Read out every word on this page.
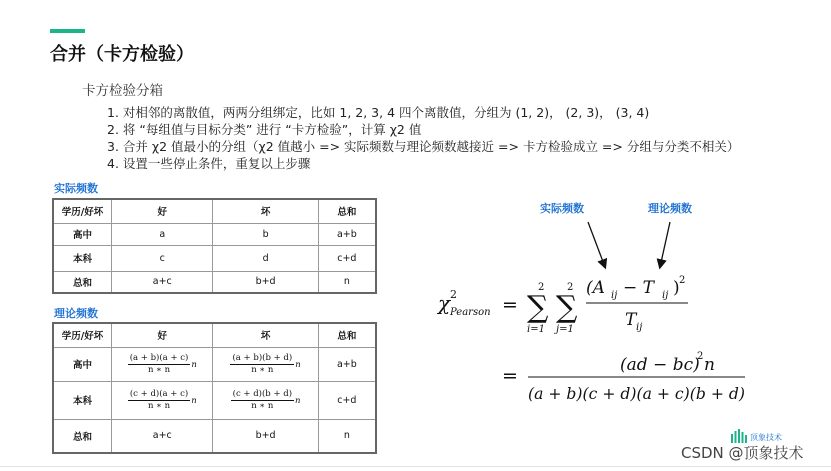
合并（卡方检验）
卡方检验分箱
1. 对相邻的离散值，两两分组绑定，比如 1, 2, 3, 4 四个离散值，分组为 (1, 2)， (2, 3)， (3, 4)
2. 将 “每组值与目标分类” 进行 “卡方检验”，计算 χ2 值
3. 合并 χ2 值最小的分组（χ2 值越小 => 实际频数与理论频数越接近 => 卡方检验成立 => 分组与分类不相关）
4. 设置一些停止条件，重复以上步骤
实际频数
学历/好坏	好	坏	总和
高中	a	b	a+b
本科	c	d	c+d
总和	a+c	b+d	n
理论频数
学历/好坏	好	坏	总和
高中	$\frac{(a + b)(a + c)}{n ∗ n}$ n	$\frac{(a + b)(b + d)}{n ∗ n}$ n	a+b
本科	$\frac{(c + d)(a + c)}{n ∗ n}$ n	$\frac{(c + d)(b + d)}{n ∗ n}$ n	c+d
总和	a+c	b+d	n
实际频数	理论频数
χ 2
Pearson =
2
∑
i=1
2
∑
j=1
(A ij − T ij ) 2
T ij
=	(ad − bc)
2 n
(a + b)(c + d)(a + c)(b + d)
顶象技术
CSDN @顶象技术
